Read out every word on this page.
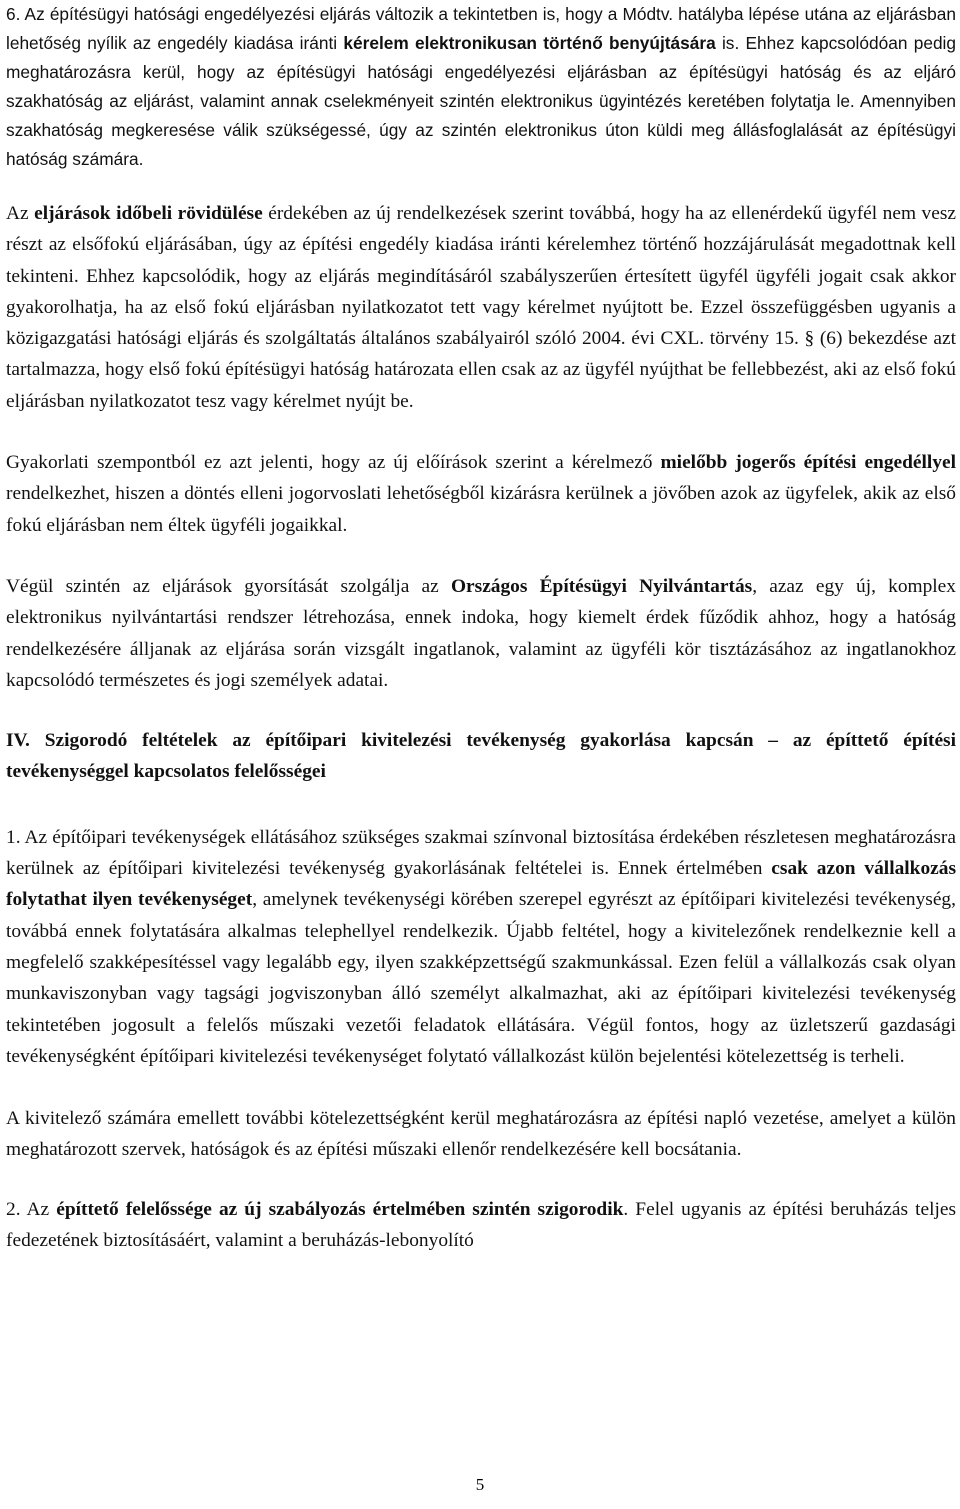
6. Az építésügyi hatósági engedélyezési eljárás változik a tekintetben is, hogy a Módtv. hatályba lépése utána az eljárásban lehetőség nyílik az engedély kiadása iránti kérelem elektronikusan történő benyújtására is. Ehhez kapcsolódóan pedig meghatározásra kerül, hogy az építésügyi hatósági engedélyezési eljárásban az építésügyi hatóság és az eljáró szakhatóság az eljárást, valamint annak cselekményeit szintén elektronikus ügyintézés keretében folytatja le. Amennyiben szakhatóság megkeresése válik szükségessé, úgy az szintén elektronikus úton küldi meg állásfoglalását az építésügyi hatóság számára.

Az eljárások időbeli rövidülése érdekében az új rendelkezések szerint továbbá, hogy ha az ellenérdekű ügyfél nem vesz részt az elsőfokú eljárásában, úgy az építési engedély kiadása iránti kérelemhez történő hozzájárulását megadottnak kell tekinteni. Ehhez kapcsolódik, hogy az eljárás megindításáról szabályszerűen értesített ügyfél ügyféli jogait csak akkor gyakorolhatja, ha az első fokú eljárásban nyilatkozatot tett vagy kérelmet nyújtott be. Ezzel összefüggésben ugyanis a közigazgatási hatósági eljárás és szolgáltatás általános szabályairól szóló 2004. évi CXL. törvény 15. § (6) bekezdése azt tartalmazza, hogy első fokú építésügyi hatóság határozata ellen csak az az ügyfél nyújthat be fellebbezést, aki az első fokú eljárásban nyilatkozatot tesz vagy kérelmet nyújt be.

Gyakorlati szempontból ez azt jelenti, hogy az új előírások szerint a kérelmező mielőbb jogerős építési engedéllyel rendelkezhet, hiszen a döntés elleni jogorvoslati lehetőségből kizárásra kerülnek a jövőben azok az ügyfelek, akik az első fokú eljárásban nem éltek ügyféli jogaikkal.

Végül szintén az eljárások gyorsítását szolgálja az Országos Építésügyi Nyilvántartás, azaz egy új, komplex elektronikus nyilvántartási rendszer létrehozása, ennek indoka, hogy kiemelt érdek fűződik ahhoz, hogy a hatóság rendelkezésére álljanak az eljárása során vizsgált ingatlanok, valamint az ügyféli kör tisztázásához az ingatlanokhoz kapcsolódó természetes és jogi személyek adatai.

IV. Szigorodó feltételek az építőipari kivitelezési tevékenység gyakorlása kapcsán – az építtető építési tevékenységgel kapcsolatos felelősségei

1. Az építőipari tevékenységek ellátásához szükséges szakmai színvonal biztosítása érdekében részletesen meghatározásra kerülnek az építőipari kivitelezési tevékenység gyakorlásának feltételei is. Ennek értelmében csak azon vállalkozás folytathat ilyen tevékenységet, amelynek tevékenységi körében szerepel egyrészt az építőipari kivitelezési tevékenység, továbbá ennek folytatására alkalmas telephellyel rendelkezik. Újabb feltétel, hogy a kivitelezőnek rendelkeznie kell a megfelelő szakképesítéssel vagy legalább egy, ilyen szakképzettségű szakmunkással. Ezen felül a vállalkozás csak olyan munkaviszonyban vagy tagsági jogviszonyban álló személyt alkalmazhat, aki az építőipari kivitelezési tevékenység tekintetében jogosult a felelős műszaki vezetői feladatok ellátására. Végül fontos, hogy az üzletszerű gazdasági tevékenységként építőipari kivitelezési tevékenységet folytató vállalkozást külön bejelentési kötelezettség is terheli.

A kivitelező számára emellett további kötelezettségként kerül meghatározásra az építési napló vezetése, amelyet a külön meghatározott szervek, hatóságok és az építési műszaki ellenőr rendelkezésére kell bocsátania.

2. Az építtető felelőssége az új szabályozás értelmében szintén szigorodik. Felel ugyanis az építési beruházás teljes fedezetének biztosításáért, valamint a beruházás-lebonyolító

5
